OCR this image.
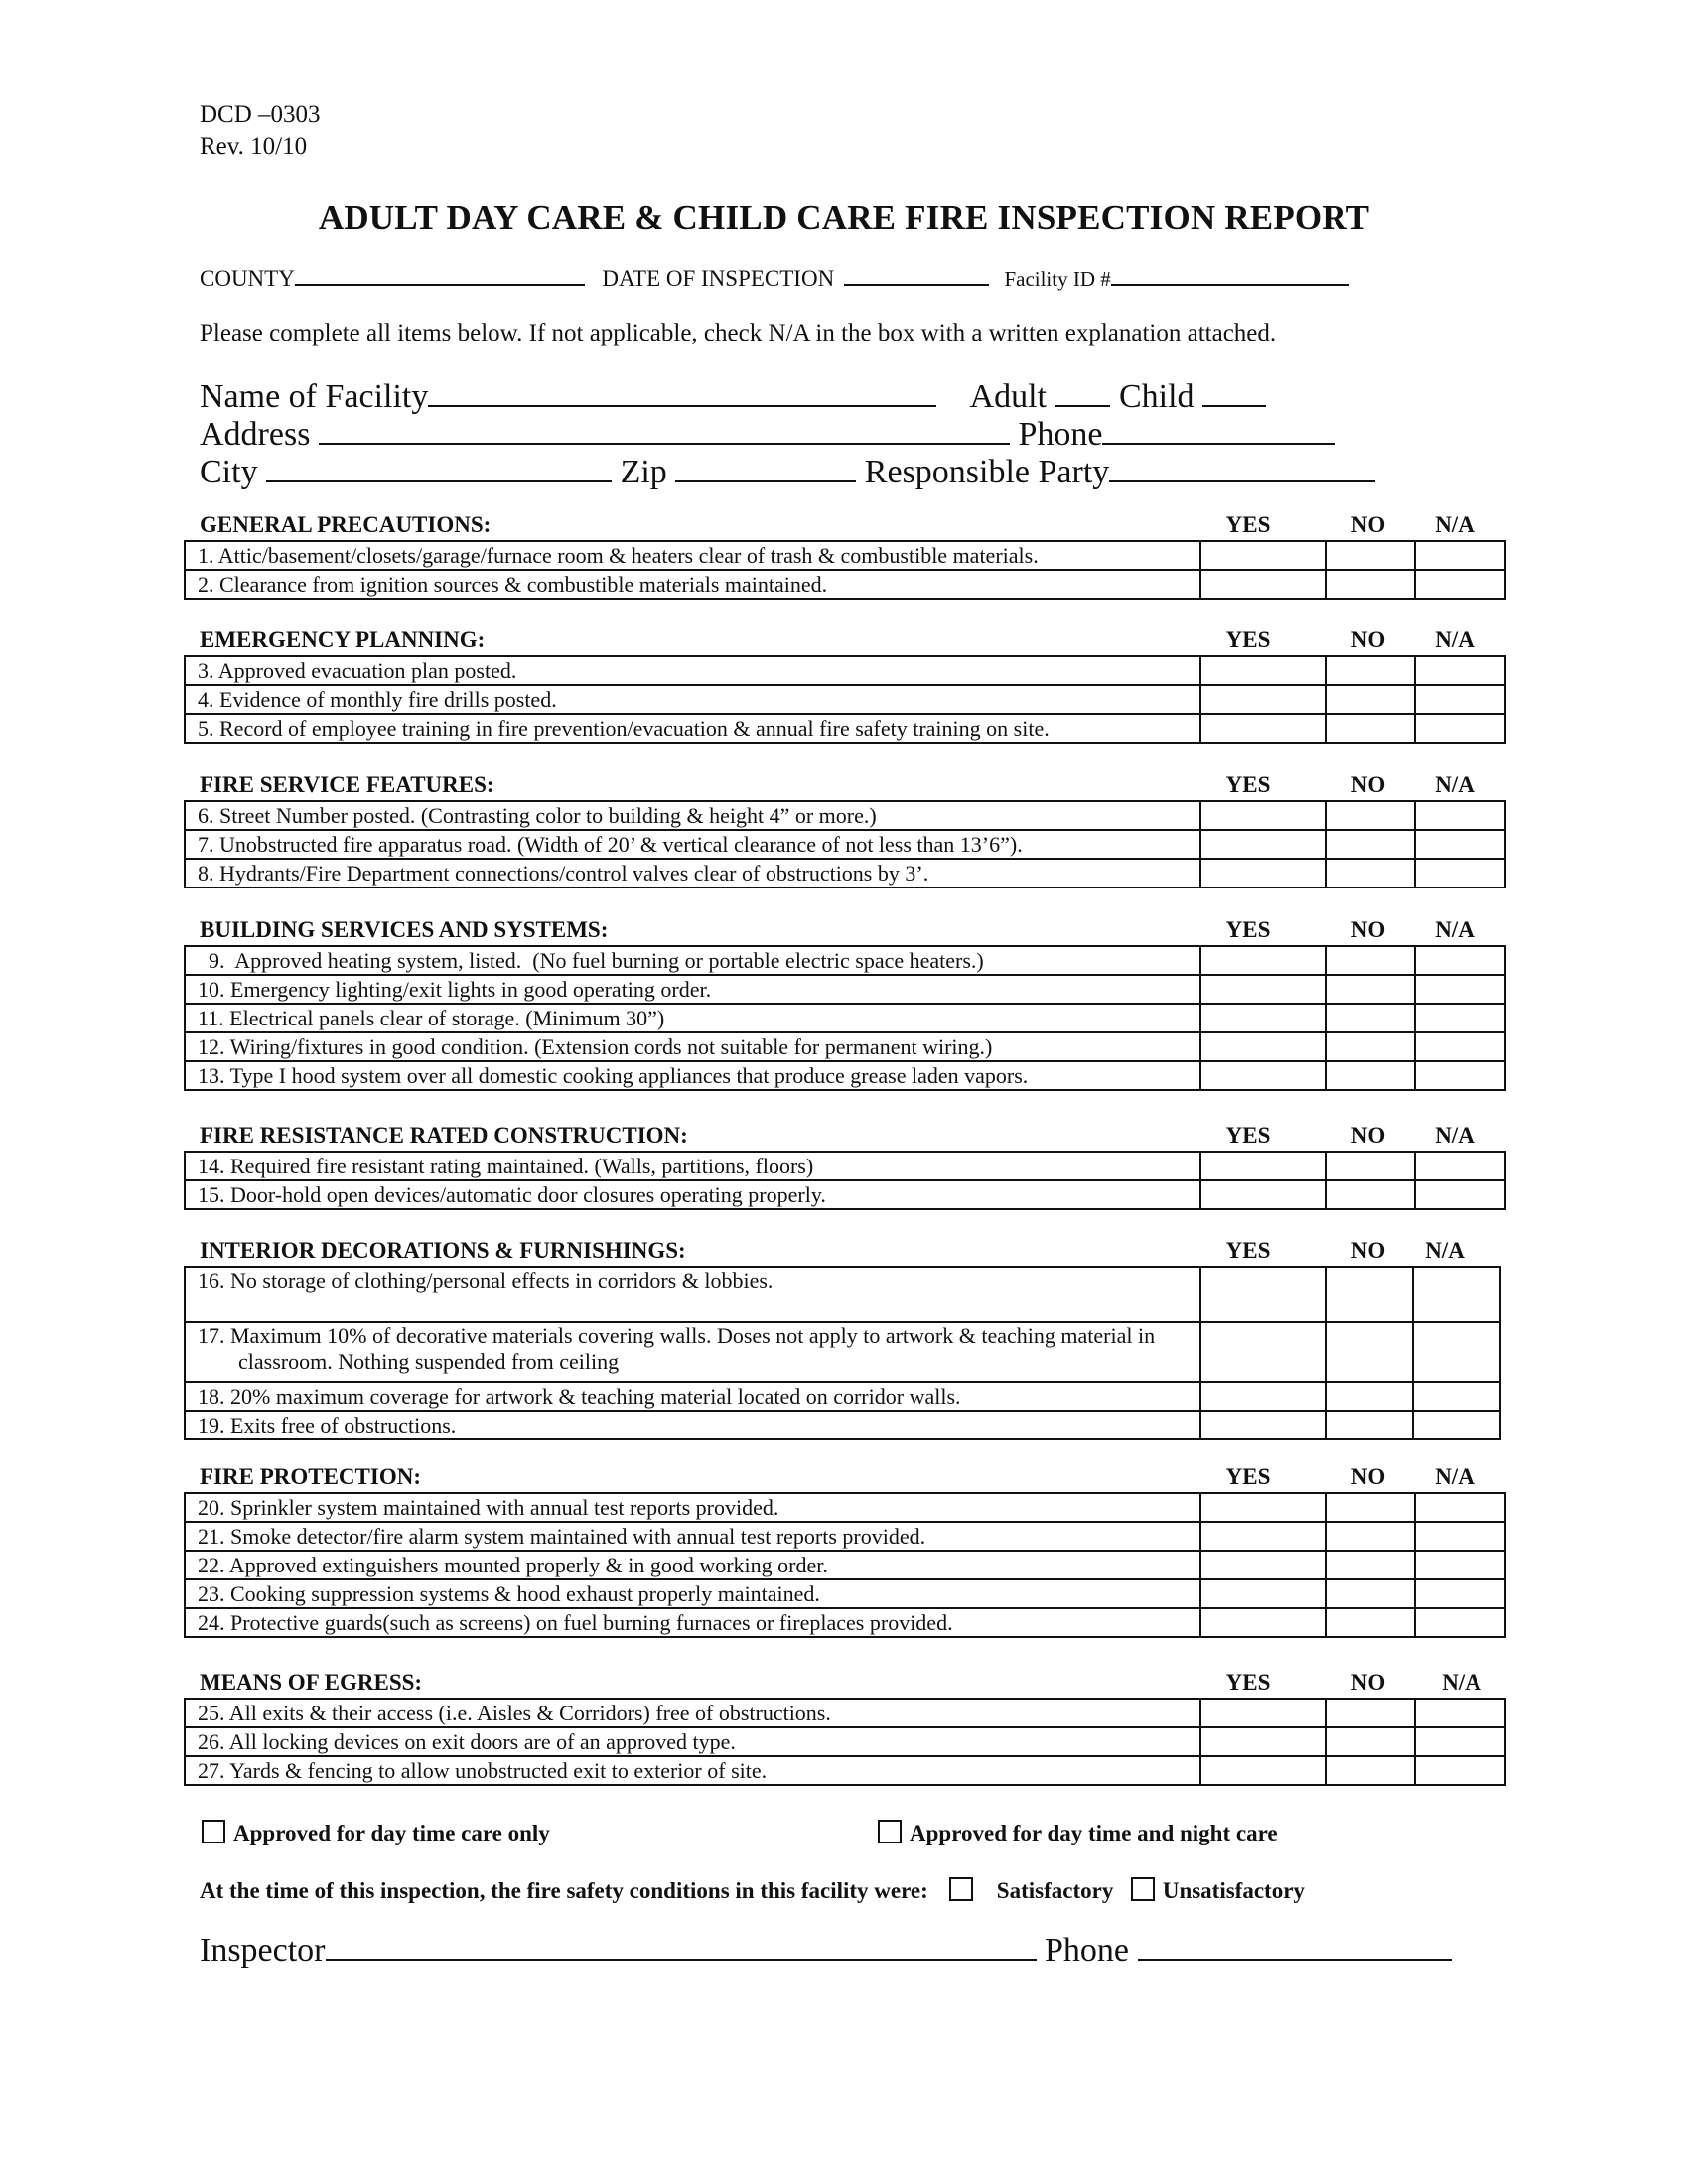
DCD –0303
Rev. 10/10
ADULT DAY CARE & CHILD CARE FIRE INSPECTION REPORT
COUNTY	DATE OF INSPECTION	Facility ID #
Please complete all items below. If not applicable, check N/A in the box with a written explanation attached.
Name of Facility	Adult Child
Address	Phone
City	Zip	Responsible Party
GENERAL PRECAUTIONS:	YES	NO	N/A
1. Attic/basement/closets/garage/furnace room & heaters clear of trash & combustible materials.			
2. Clearance from ignition sources & combustible materials maintained.			
EMERGENCY PLANNING:	YES	NO	N/A
3. Approved evacuation plan posted.			
4. Evidence of monthly fire drills posted.			
5. Record of employee training in fire prevention/evacuation & annual fire safety training on site.			
FIRE SERVICE FEATURES:	YES	NO	N/A
6. Street Number posted. (Contrasting color to building & height 4” or more.)			
7. Unobstructed fire apparatus road. (Width of 20’ & vertical clearance of not less than 13’6”).			
8. Hydrants/Fire Department connections/control valves clear of obstructions by 3’.			
BUILDING SERVICES AND SYSTEMS:	YES	NO	N/A
9.  Approved heating system, listed.  (No fuel burning or portable electric space heaters.)			
10. Emergency lighting/exit lights in good operating order.			
11. Electrical panels clear of storage. (Minimum 30”)			
12. Wiring/fixtures in good condition. (Extension cords not suitable for permanent wiring.)			
13. Type I hood system over all domestic cooking appliances that produce grease laden vapors.			
FIRE RESISTANCE RATED CONSTRUCTION:	YES	NO	N/A
14. Required fire resistant rating maintained. (Walls, partitions, floors)			
15. Door-hold open devices/automatic door closures operating properly.			
INTERIOR DECORATIONS & FURNISHINGS:	YES	NO	N/A
16. No storage of clothing/personal effects in corridors & lobbies.			

17. Maximum 10% of decorative materials covering walls. Doses not apply to artwork & teaching material in classroom. Nothing suspended from ceiling			

18. 20% maximum coverage for artwork & teaching material located on corridor walls.			
19. Exits free of obstructions.			
FIRE PROTECTION:	YES	NO	N/A
20. Sprinkler system maintained with annual test reports provided.			
21. Smoke detector/fire alarm system maintained with annual test reports provided.			
22. Approved extinguishers mounted properly & in good working order.			
23. Cooking suppression systems & hood exhaust properly maintained.			
24. Protective guards(such as screens) on fuel burning furnaces or fireplaces provided.			
MEANS OF EGRESS:	YES	NO	N/A
25. All exits & their access (i.e. Aisles & Corridors) free of obstructions.			
26. All locking devices on exit doors are of an approved type.			
27. Yards & fencing to allow unobstructed exit to exterior of site.			
Approved for day time care only	Approved for day time and night care
At the time of this inspection, the fire safety conditions in this facility were:	Satisfactory Unsatisfactory
Inspector	Phone
